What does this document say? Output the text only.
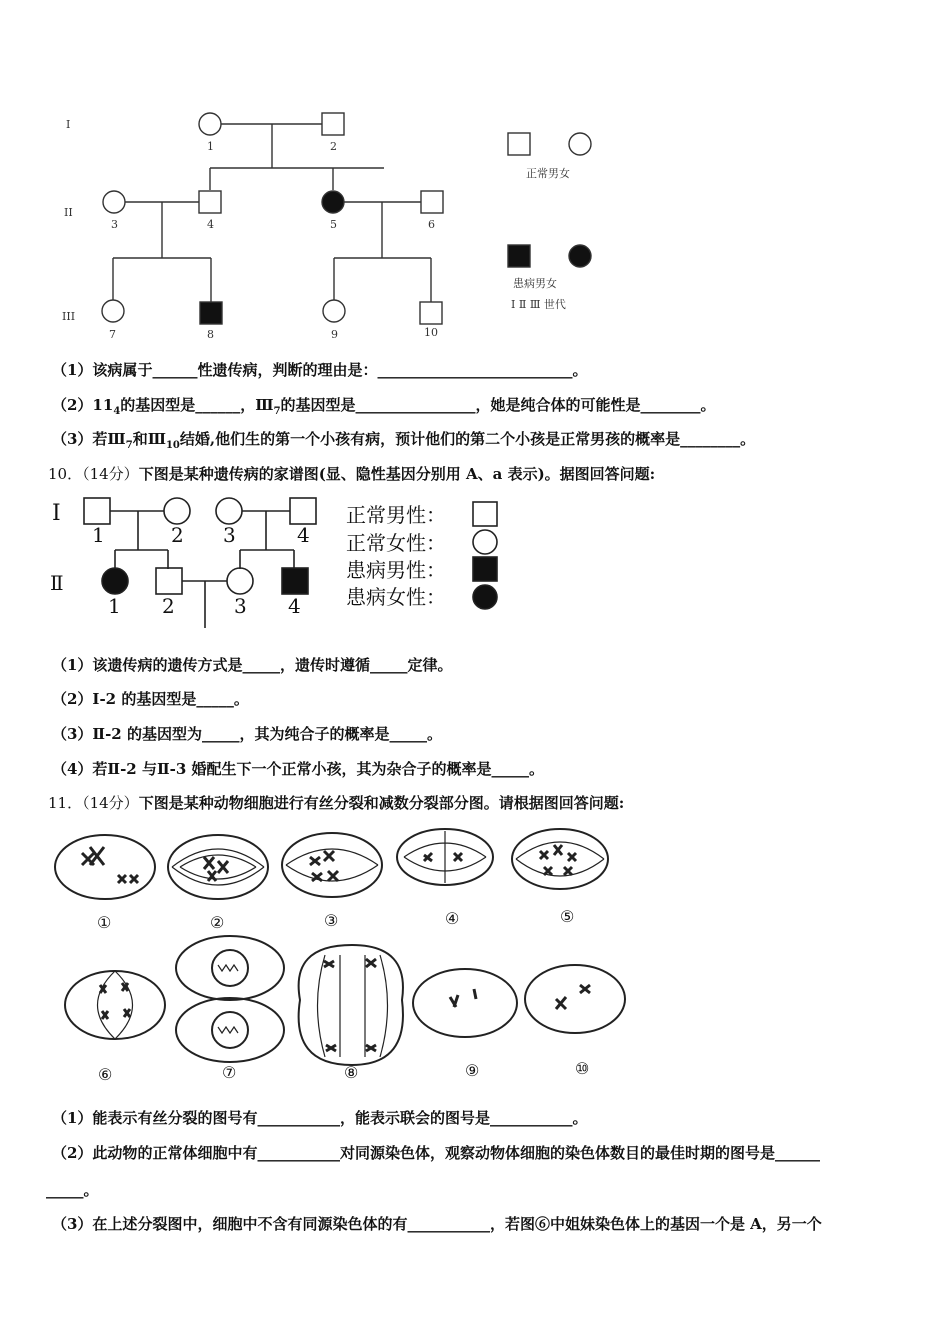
I
II
III
1	2
3	4	5	6
7	8	9	10
正常男女
患病男女
I Ⅱ Ⅲ 世代
（1）该病属于______性遗传病，判断的理由是：__________________________。
$(2)11_4$的基因型是______，$Ⅲ_7$的基因型是________________，她是纯合体的可能性是________。
（3）若$Ⅲ_7$和$Ⅲ_{10}$结婚,他们生的第一个小孩有病，预计他们的第二个小孩是正常男孩的概率是________。
10．（14分）下图是某种遗传病的家谱图(显、隐性基因分别用 A、a 表示)。据图回答问题:
Ⅰ
Ⅱ
1	2 3	4
1 2	3 4
正常男性：
正常女性：
患病男性：
患病女性：
（1）该遗传病的遗传方式是_____，遗传时遵循_____定律。
（2）Ⅰ-2 的基因型是_____。
（3）Ⅱ-2 的基因型为_____，其为纯合子的概率是_____。
（4）若Ⅱ-2 与Ⅱ-3 婚配生下一个正常小孩，其为杂合子的概率是_____。
11．（14分）下图是某种动物细胞进行有丝分裂和减数分裂部分图。请根据图回答问题:
①	②	③	④	⑤
⑥	⑦	⑧	⑨	⑩
（1）能表示有丝分裂的图号有___________，能表示联会的图号是___________。
（2）此动物的正常体细胞中有___________对同源染色体，观察动物体细胞的染色体数目的最佳时期的图号是______
_____。
（3）在上述分裂图中，细胞中不含有同源染色体的有___________，若图⑥中姐妹染色体上的基因一个是 A，另一个
